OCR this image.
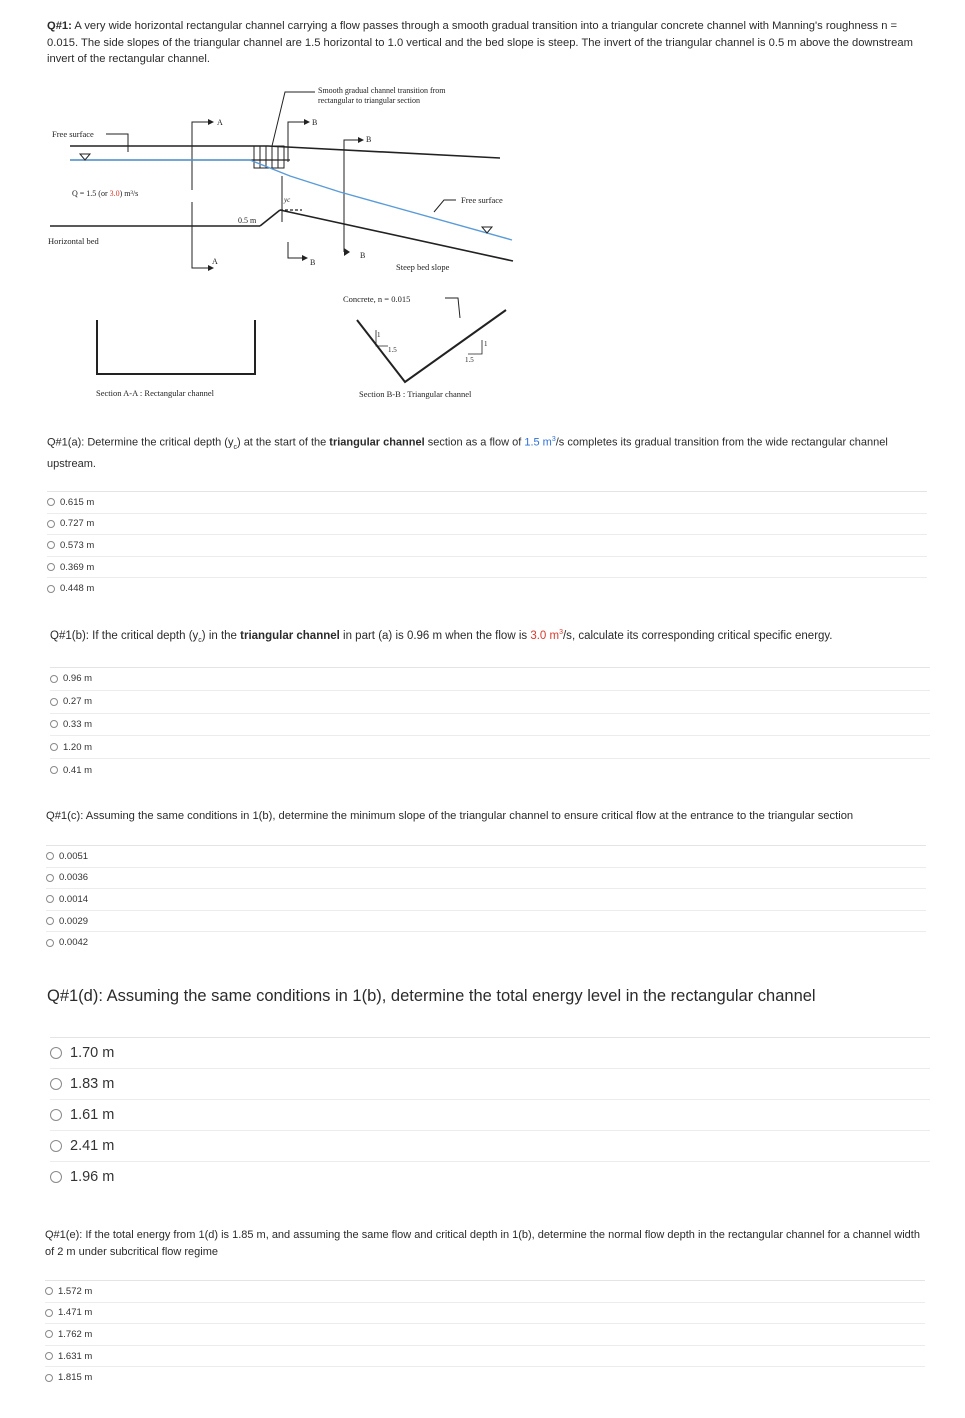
Q#1: A very wide horizontal rectangular channel carrying a flow passes through a smooth gradual transition into a triangular concrete channel with Manning's roughness n = 0.015. The side slopes of the triangular channel are 1.5 horizontal to 1.0 vertical and the bed slope is steep. The invert of the triangular channel is 0.5 m above the downstream invert of the rectangular channel.
Smooth gradual channel transition from
rectangular to triangular section
Free surface
Q = 1.5 (or 3.0) m³/s
0.5 m
yc
Horizontal bed
Free surface
Steep bed slope
A
A
B
B
B
B
Concrete, n = 0.015
1
1.5
1
1.5
Section A-A : Rectangular channel	Section B-B : Triangular channel
Q#1(a): Determine the critical depth $(y_c)$ at the start of the triangular channel section as a flow of 1.5 $m^3/s$ completes its gradual transition from the wide rectangular channel upstream.
0.615 m
0.727 m
0.573 m
0.369 m
0.448 m
Q#1(b): If the critical depth $(y_c)$ in the triangular channel in part (a) is 0.96 m when the flow is 3.0 $m^3/s$, calculate its corresponding critical specific energy.
0.96 m
0.27 m
0.33 m
1.20 m
0.41 m
Q#1(c): Assuming the same conditions in 1(b), determine the minimum slope of the triangular channel to ensure critical flow at the entrance to the triangular section
0.0051
0.0036
0.0014
0.0029
0.0042
Q#1(d): Assuming the same conditions in 1(b), determine the total energy level in the rectangular channel
1.70 m
1.83 m
1.61 m
2.41 m
1.96 m
Q#1(e): If the total energy from 1(d) is 1.85 m, and assuming the same flow and critical depth in 1(b), determine the normal flow depth in the rectangular channel for a channel width of 2 m under subcritical flow regime
1.572 m
1.471 m
1.762 m
1.631 m
1.815 m
